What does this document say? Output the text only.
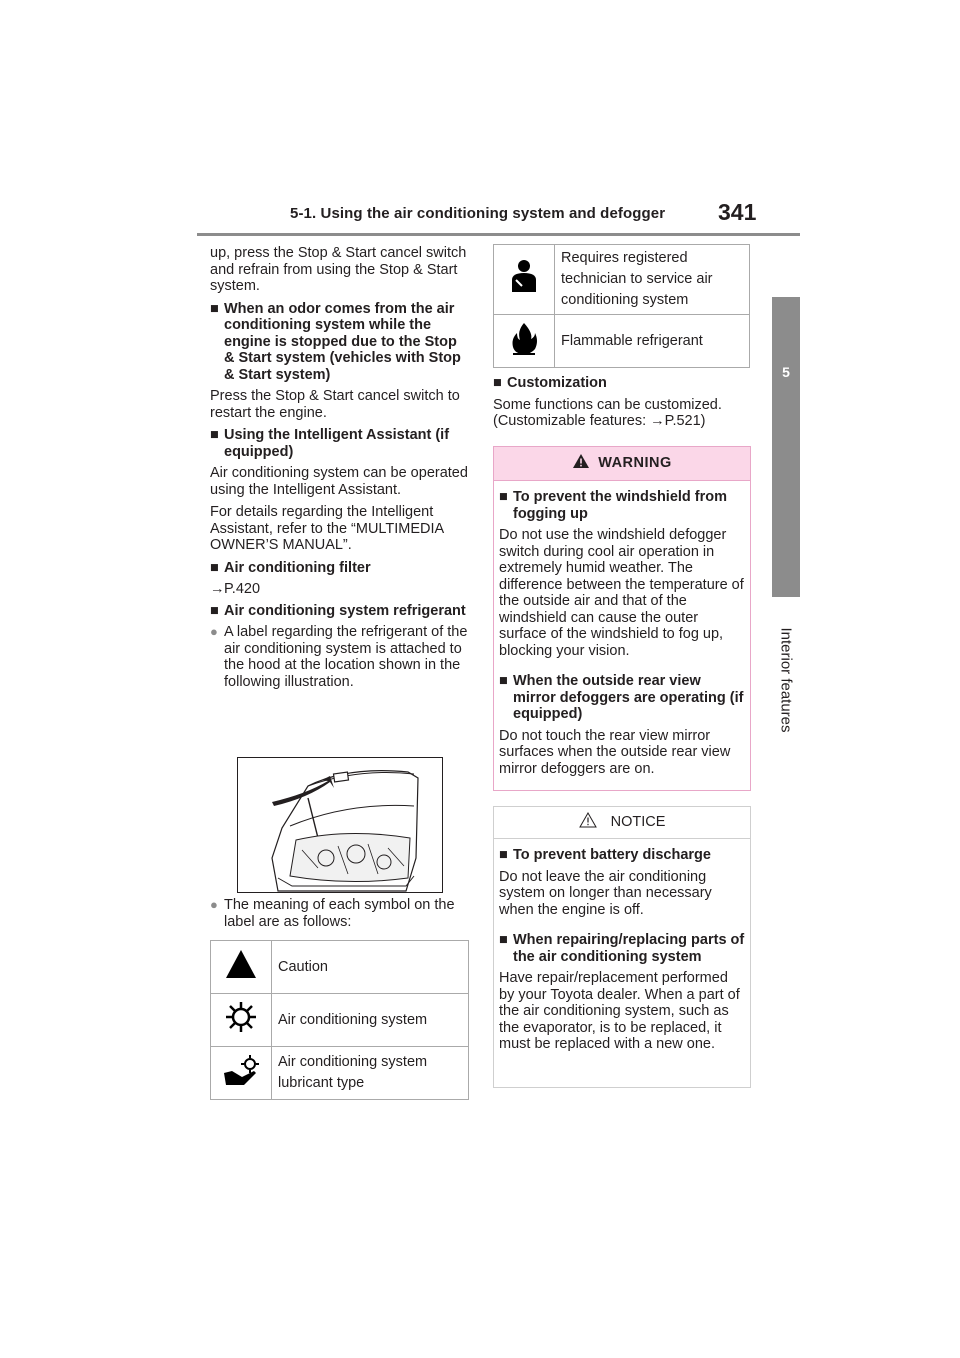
5-1. Using the air conditioning system and defogger 341
5
Interior features

up, press the Stop & Start cancel switch and refrain from using the Stop & Start system.

■ When an odor comes from the air conditioning system while the engine is stopped due to the Stop & Start system (vehicles with Stop & Start system)

Press the Stop & Start cancel switch to restart the engine.

■ Using the Intelligent Assistant (if equipped)

Air conditioning system can be operated using the Intelligent Assistant.

For details regarding the Intelligent Assistant, refer to the “MULTIMEDIA OWNER’S MANUAL”.

■ Air conditioning filter
→ P.420
■ Air conditioning system refrigerant
● A label regarding the refrigerant of the air conditioning system is attached to the hood at the location shown in the following illustration.
● The meaning of each symbol on the label are as follows:
	Caution
	Air conditioning system
	Air conditioning system lubricant type
	Requires registered technician to service air conditioning system
	Flammable refrigerant
■ Customization

Some functions can be customized. (Customizable features: →P.521)

WARNING
■ To prevent the windshield from fogging up

Do not use the windshield defogger switch during cool air operation in extremely humid weather. The difference between the temperature of the outside air and that of the windshield can cause the outer surface of the windshield to fog up, blocking your vision.

■ When the outside rear view mirror defoggers are operating (if equipped)

Do not touch the rear view mirror surfaces when the outside rear view mirror defoggers are on.

NOTICE
■ To prevent battery discharge

Do not leave the air conditioning system on longer than necessary when the engine is off.

■ When repairing/replacing parts of the air conditioning system

Have repair/replacement performed by your Toyota dealer. When a part of the air conditioning system, such as the evaporator, is to be replaced, it must be replaced with a new one.
